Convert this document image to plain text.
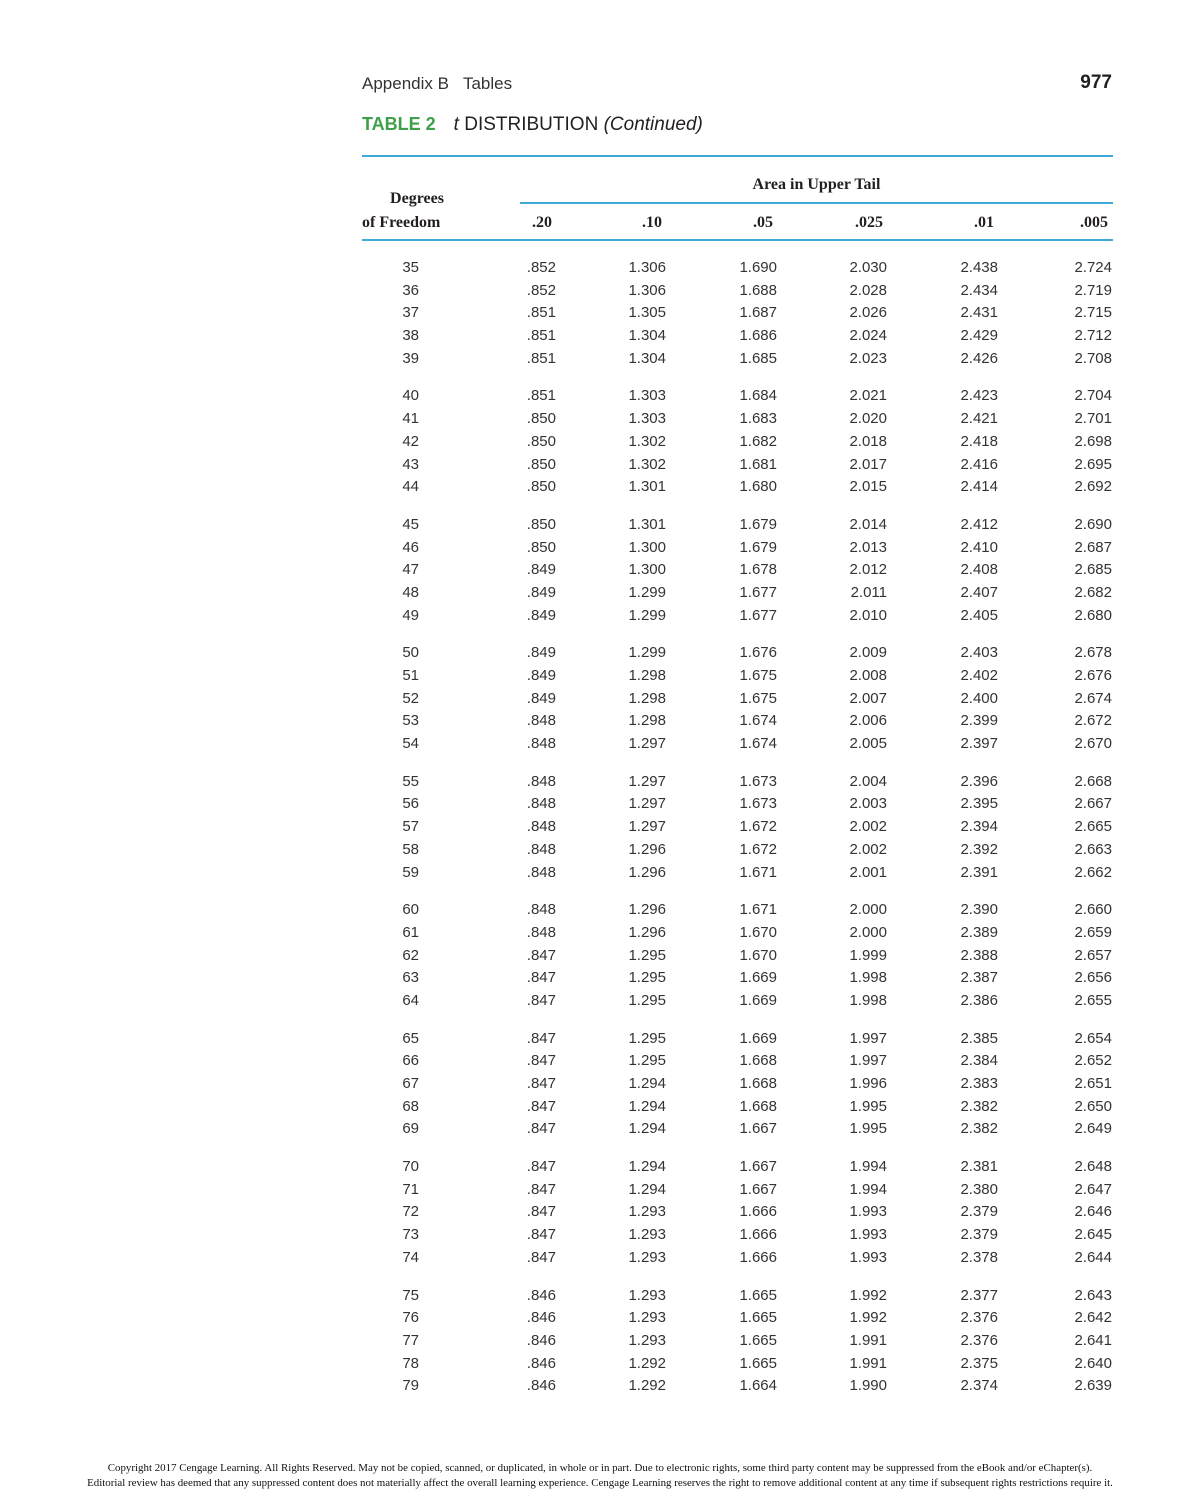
Appendix B Tables	977
TABLE 2 t DISTRIBUTION (Continued)
Area in Upper Tail
Degrees
of Freedom	.20	.10	.05	.025	.01	.005
35	.852	1.306	1.690	2.030	2.438	2.724
36	.852	1.306	1.688	2.028	2.434	2.719
37	.851	1.305	1.687	2.026	2.431	2.715
38	.851	1.304	1.686	2.024	2.429	2.712
39	.851	1.304	1.685	2.023	2.426	2.708
40	.851	1.303	1.684	2.021	2.423	2.704
41	.850	1.303	1.683	2.020	2.421	2.701
42	.850	1.302	1.682	2.018	2.418	2.698
43	.850	1.302	1.681	2.017	2.416	2.695
44	.850	1.301	1.680	2.015	2.414	2.692
45	.850	1.301	1.679	2.014	2.412	2.690
46	.850	1.300	1.679	2.013	2.410	2.687
47	.849	1.300	1.678	2.012	2.408	2.685
48	.849	1.299	1.677	2.011	2.407	2.682
49	.849	1.299	1.677	2.010	2.405	2.680
50	.849	1.299	1.676	2.009	2.403	2.678
51	.849	1.298	1.675	2.008	2.402	2.676
52	.849	1.298	1.675	2.007	2.400	2.674
53	.848	1.298	1.674	2.006	2.399	2.672
54	.848	1.297	1.674	2.005	2.397	2.670
55	.848	1.297	1.673	2.004	2.396	2.668
56	.848	1.297	1.673	2.003	2.395	2.667
57	.848	1.297	1.672	2.002	2.394	2.665
58	.848	1.296	1.672	2.002	2.392	2.663
59	.848	1.296	1.671	2.001	2.391	2.662
60	.848	1.296	1.671	2.000	2.390	2.660
61	.848	1.296	1.670	2.000	2.389	2.659
62	.847	1.295	1.670	1.999	2.388	2.657
63	.847	1.295	1.669	1.998	2.387	2.656
64	.847	1.295	1.669	1.998	2.386	2.655
65	.847	1.295	1.669	1.997	2.385	2.654
66	.847	1.295	1.668	1.997	2.384	2.652
67	.847	1.294	1.668	1.996	2.383	2.651
68	.847	1.294	1.668	1.995	2.382	2.650
69	.847	1.294	1.667	1.995	2.382	2.649
70	.847	1.294	1.667	1.994	2.381	2.648
71	.847	1.294	1.667	1.994	2.380	2.647
72	.847	1.293	1.666	1.993	2.379	2.646
73	.847	1.293	1.666	1.993	2.379	2.645
74	.847	1.293	1.666	1.993	2.378	2.644
75	.846	1.293	1.665	1.992	2.377	2.643
76	.846	1.293	1.665	1.992	2.376	2.642
77	.846	1.293	1.665	1.991	2.376	2.641
78	.846	1.292	1.665	1.991	2.375	2.640
79	.846	1.292	1.664	1.990	2.374	2.639
Copyright 2017 Cengage Learning. All Rights Reserved. May not be copied, scanned, or duplicated, in whole or in part. Due to electronic rights, some third party content may be suppressed from the eBook and/or eChapter(s).
Editorial review has deemed that any suppressed content does not materially affect the overall learning experience. Cengage Learning reserves the right to remove additional content at any time if subsequent rights restrictions require it.
